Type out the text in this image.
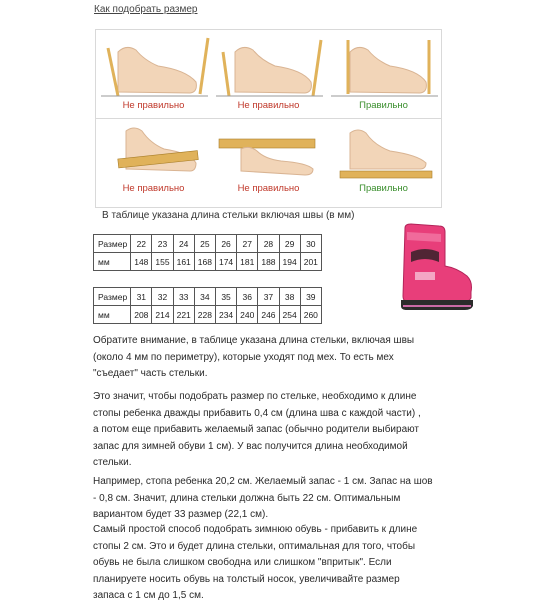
Как подобрать размер
Не правильно	Не правильно	Правильно
Не правильно	Не правильно	Правильно
В таблице указана длина стельки включая швы (в мм)
Размер	22	23	24	25	26	27	28	29	30
мм	148	155	161	168	174	181	188	194	201
Размер	31	32	33	34	35	36	37	38	39
мм	208	214	221	228	234	240	246	254	260
Обратите внимание, в таблице указана длина стельки, включая швы
(около 4 мм по периметру), которые уходят под мех. То есть мех
"съедает" часть стельки.
Это значит, чтобы подобрать размер по стельке, необходимо к длине
стопы ребенка дважды прибавить 0,4 см (длина шва с каждой части) ,
а потом еще прибавить желаемый запас (обычно родители выбирают
запас для зимней обуви 1 см). У вас получится длина необходимой
стельки.
Например, стопа ребенка 20,2 см. Желаемый запас - 1 см. Запас на шов
- 0,8 см. Значит, длина стельки должна быть 22 см. Оптимальным
вариантом будет 33 размер (22,1 см).
Самый простой способ подобрать зимнюю обувь - прибавить к длине
стопы 2 см. Это и будет длина стельки, оптимальная для того, чтобы
обувь не была слишком свободна или слишком "впритык". Если
планируете носить обувь на толстый носок, увеличивайте размер
запаса с 1 см до 1,5 см.
